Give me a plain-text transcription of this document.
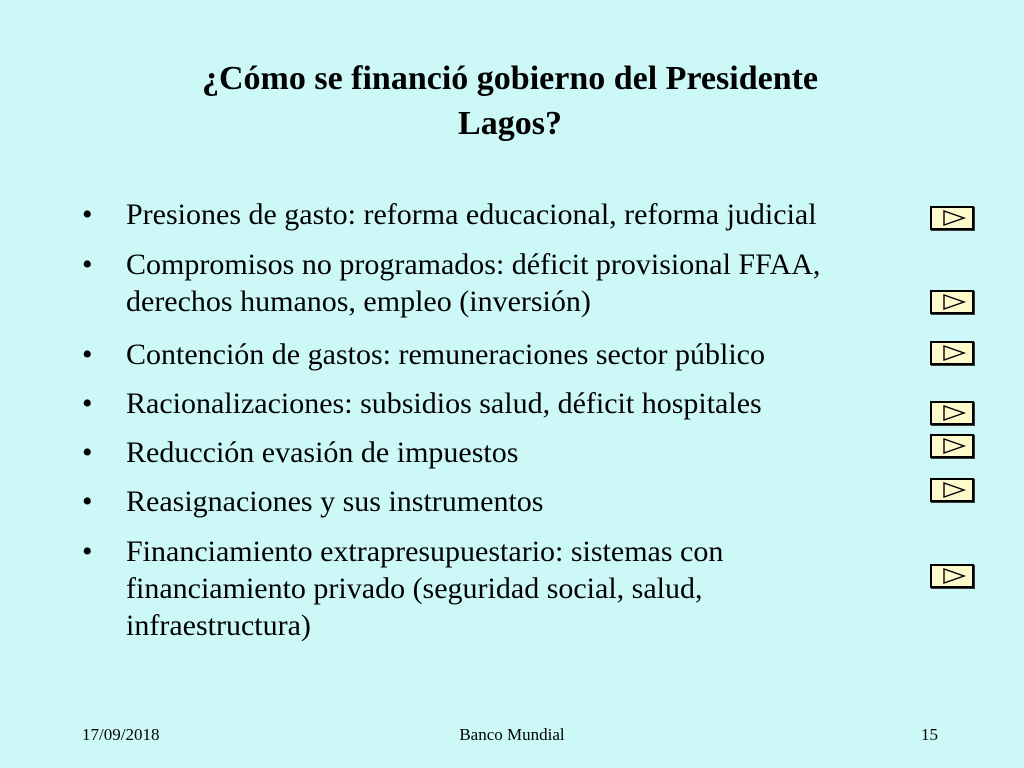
¿Cómo se financió gobierno del Presidente
Lagos?
•	Presiones de gasto: reforma educacional, reforma judicial
•	Compromisos no programados: déficit provisional FFAA, derechos humanos, empleo (inversión)
•	Contención de gastos: remuneraciones sector público
•	Racionalizaciones: subsidios salud, déficit hospitales
•	Reducción evasión de impuestos
•	Reasignaciones y sus instrumentos
•	Financiamiento extrapresupuestario: sistemas con financiamiento privado (seguridad social, salud, infraestructura)
17/09/2018	Banco Mundial	15
